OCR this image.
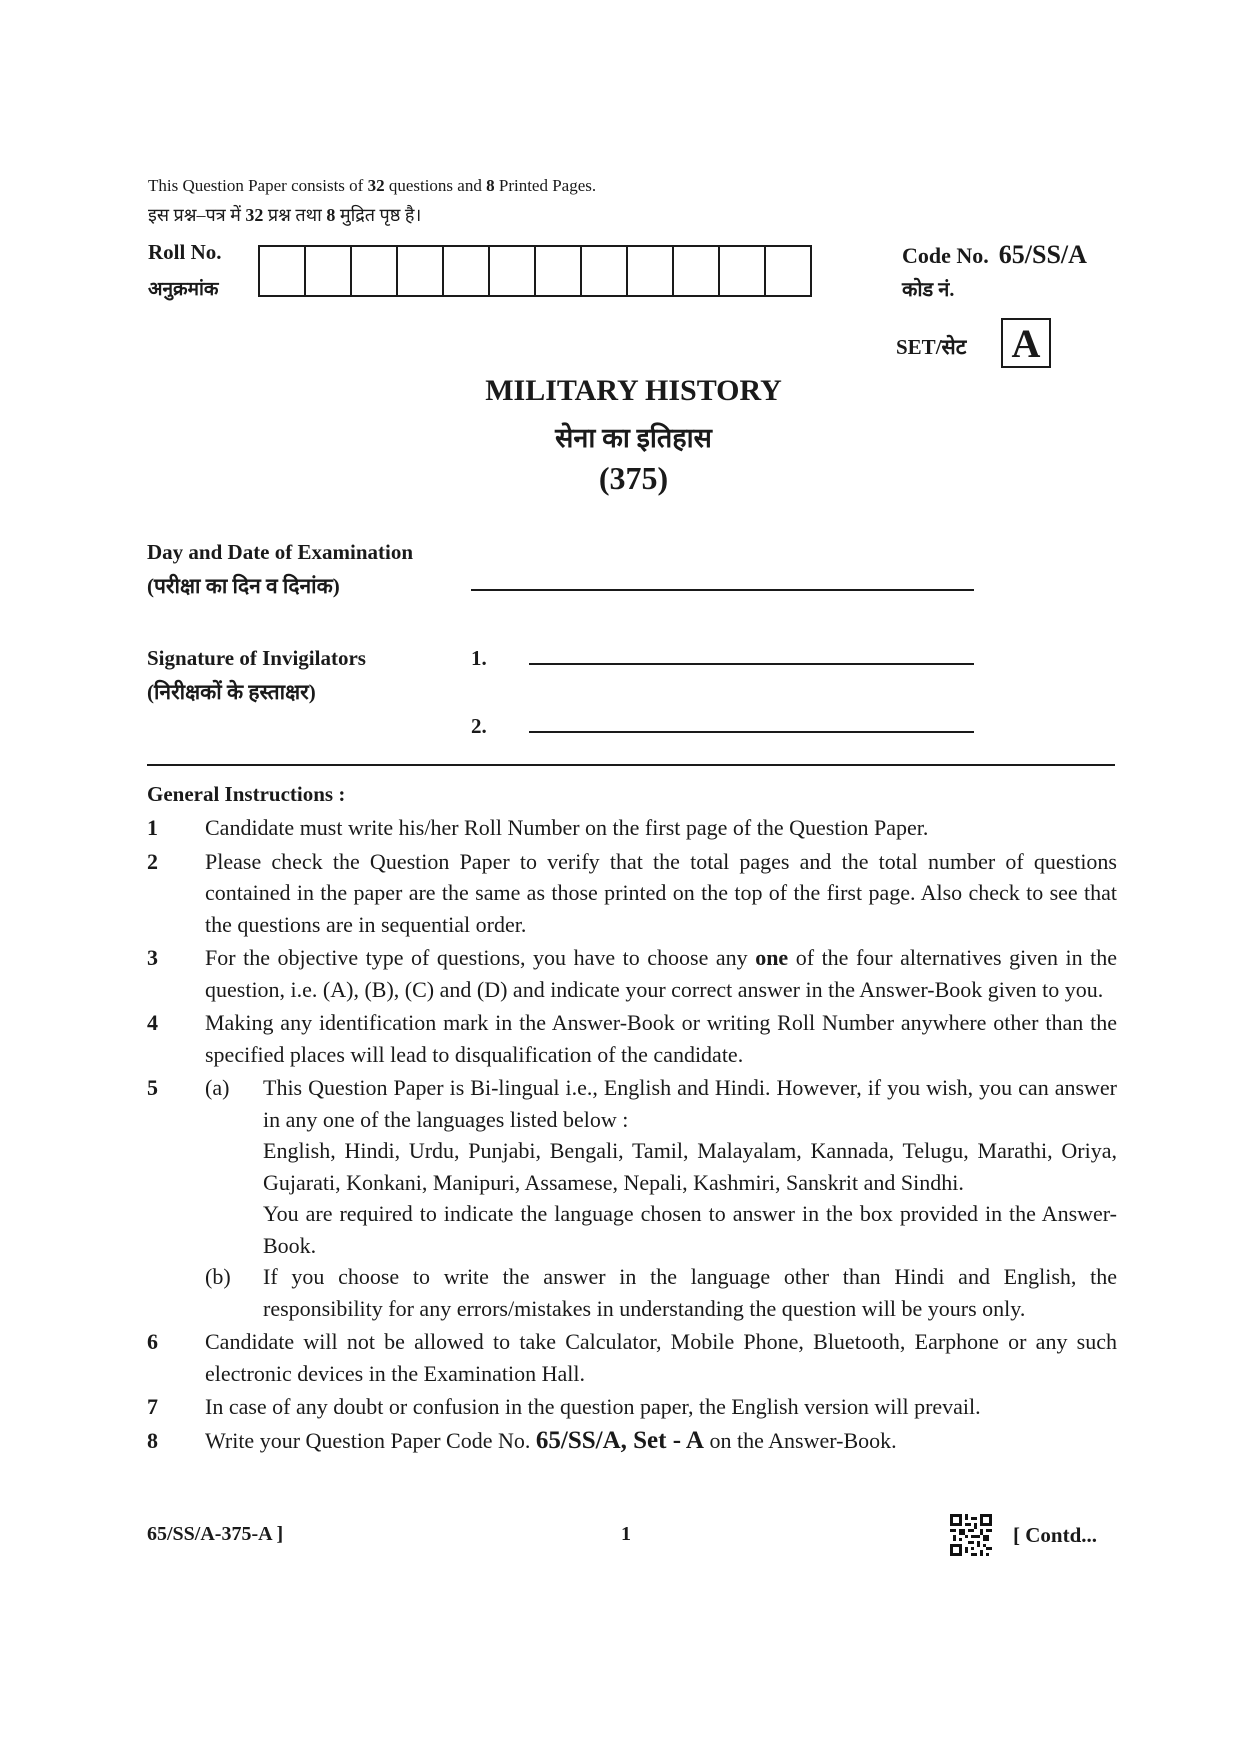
This Question Paper consists of 32 questions and 8 Printed Pages.
इस प्रश्न–पत्र में 32 प्रश्न तथा 8 मुद्रित पृष्ठ है।
Roll No.
अनुक्रमांक
Code No. 65/SS/A
कोड नं.
SET/सेट A
MILITARY HISTORY
सेना का इतिहास
(375)
Day and Date of Examination
(परीक्षा का दिन व दिनांक)
Signature of Invigilators
(निरीक्षकों के हस्ताक्षर)
1.
2.
General Instructions :
1	Candidate must write his/her Roll Number on the first page of the Question Paper.
2	Please check the Question Paper to verify that the total pages and the total number of questions contained in the paper are the same as those printed on the top of the first page. Also check to see that the questions are in sequential order.
3	For the objective type of questions, you have to choose any one of the four alternatives given in the question, i.e. (A), (B), (C) and (D) and indicate your correct answer in the Answer-Book given to you.
4	Making any identification mark in the Answer-Book or writing Roll Number anywhere other than the specified places will lead to disqualification of the candidate.
5	(a)	This Question Paper is Bi-lingual i.e., English and Hindi. However, if you wish, you can answer in any one of the languages listed below :
English, Hindi, Urdu, Punjabi, Bengali, Tamil, Malayalam, Kannada, Telugu, Marathi, Oriya, Gujarati, Konkani, Manipuri, Assamese, Nepali, Kashmiri, Sanskrit and Sindhi.
You are required to indicate the language chosen to answer in the box provided in the Answer-Book.
(b)	If you choose to write the answer in the language other than Hindi and English, the responsibility for any errors/mistakes in understanding the question will be yours only.
6	Candidate will not be allowed to take Calculator, Mobile Phone, Bluetooth, Earphone or any such electronic devices in the Examination Hall.
7	In case of any doubt or confusion in the question paper, the English version will prevail.
8	Write your Question Paper Code No. 65/SS/A, Set - A on the Answer-Book.
65/SS/A-375-A ]	1	[ Contd...
